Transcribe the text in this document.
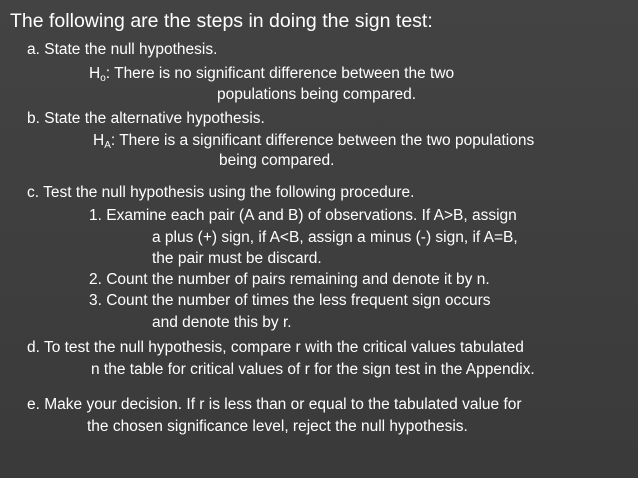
The following are the steps in doing the sign test:
a. State the null hypothesis.
$H_o$: There is no significant difference between the two
populations being compared.
b. State the alternative hypothesis.
$H_A$: There is a significant difference between the two populations
being compared.
c. Test the null hypothesis using the following procedure.
1. Examine each pair (A and B) of observations. If A>B, assign
a plus (+) sign, if A<B, assign a minus (-) sign, if A=B,
the pair must be discard.
2. Count the number of pairs remaining and denote it by n.
3. Count the number of times the less frequent sign occurs
and denote this by r.
d. To test the null hypothesis, compare r with the critical values tabulated
n the table for critical values of r for the sign test in the Appendix.
e. Make your decision. If r is less than or equal to the tabulated value for
the chosen significance level, reject the null hypothesis.
